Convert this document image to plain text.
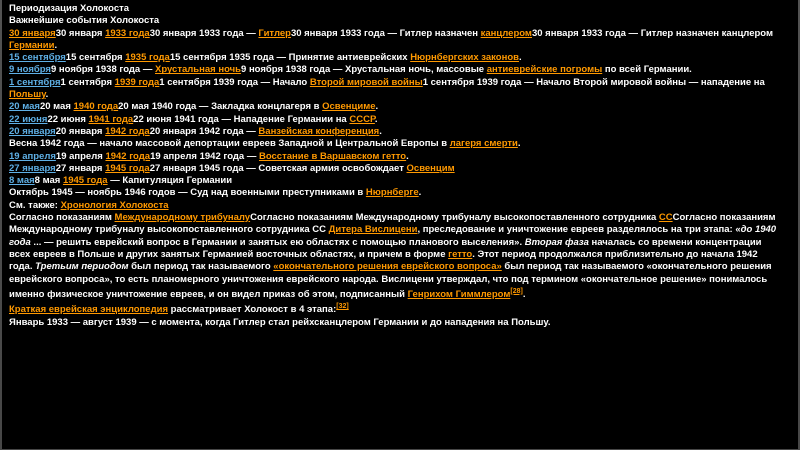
Периодизация Холокоста
Важнейшие события Холокоста
30 января30 января 1933 года30 января 1933 года — Гитлер30 января 1933 года — Гитлер назначен канцлером30 января 1933 года — Гитлер назначен канцлером Германии.
15 сентября15 сентября 1935 года15 сентября 1935 года — Принятие антиеврейских Нюрнбергских законов.
9 ноября9 ноября 1938 года — Хрустальная ночь9 ноября 1938 года — Хрустальная ночь, массовые антиеврейские погромы по всей Германии.
1 сентября1 сентября 1939 года1 сентября 1939 года — Начало Второй мировой войны1 сентября 1939 года — Начало Второй мировой войны — нападение на Польшу.
20 мая20 мая 1940 года20 мая 1940 года — Закладка концлагеря в Освенциме.
22 июня22 июня 1941 года22 июня 1941 года — Нападение Германии на СССР.
20 января20 января 1942 года20 января 1942 года — Ванзейская конференция.
Весна 1942 года — начало массовой депортации евреев Западной и Центральной Европы в лагеря смерти.
19 апреля19 апреля 1942 года19 апреля 1942 года — Восстание в Варшавском гетто.
27 января27 января 1945 года27 января 1945 года — Советская армия освобождает Освенцим
8 мая8 мая 1945 года — Капитуляция Германии
Октябрь 1945 — ноябрь 1946 годов — Суд над военными преступниками в Нюрнберге.
См. также: Хронология Холокоста
Согласно показаниям Международному трибуналуСогласно показаниям Международному трибуналу высокопоставленного сотрудника СССогласно показаниям Международному трибуналу высокопоставленного сотрудника СС Дитера Вислицени, преследование и уничтожение евреев разделялось на три этапа: «до 1940 года ... — решить еврейский вопрос в Германии и занятых ею областях с помощью планового выселения». Вторая фаза началась со времени концентрации всех евреев в Польше и других занятых Германией восточных областях, и причем в форме гетто. Этот период продолжался приблизительно до начала 1942 года. Третьим периодом был период так называемого «окончательного решения еврейского вопроса» был период так называемого «окончательного решения еврейского вопроса», то есть планомерного уничтожения еврейского народа. Вислицени утверждал, что под термином «окончательное решение» понималось именно физическое уничтожение евреев, и он видел приказ об этом, подписанный Генрихом Гиммлером[28].
Краткая еврейская энциклопедия рассматривает Холокост в 4 этапа:[32]
Январь 1933 — август 1939 — с момента, когда Гитлер стал рейхсканцлером Германии и до нападения на Польшу.
